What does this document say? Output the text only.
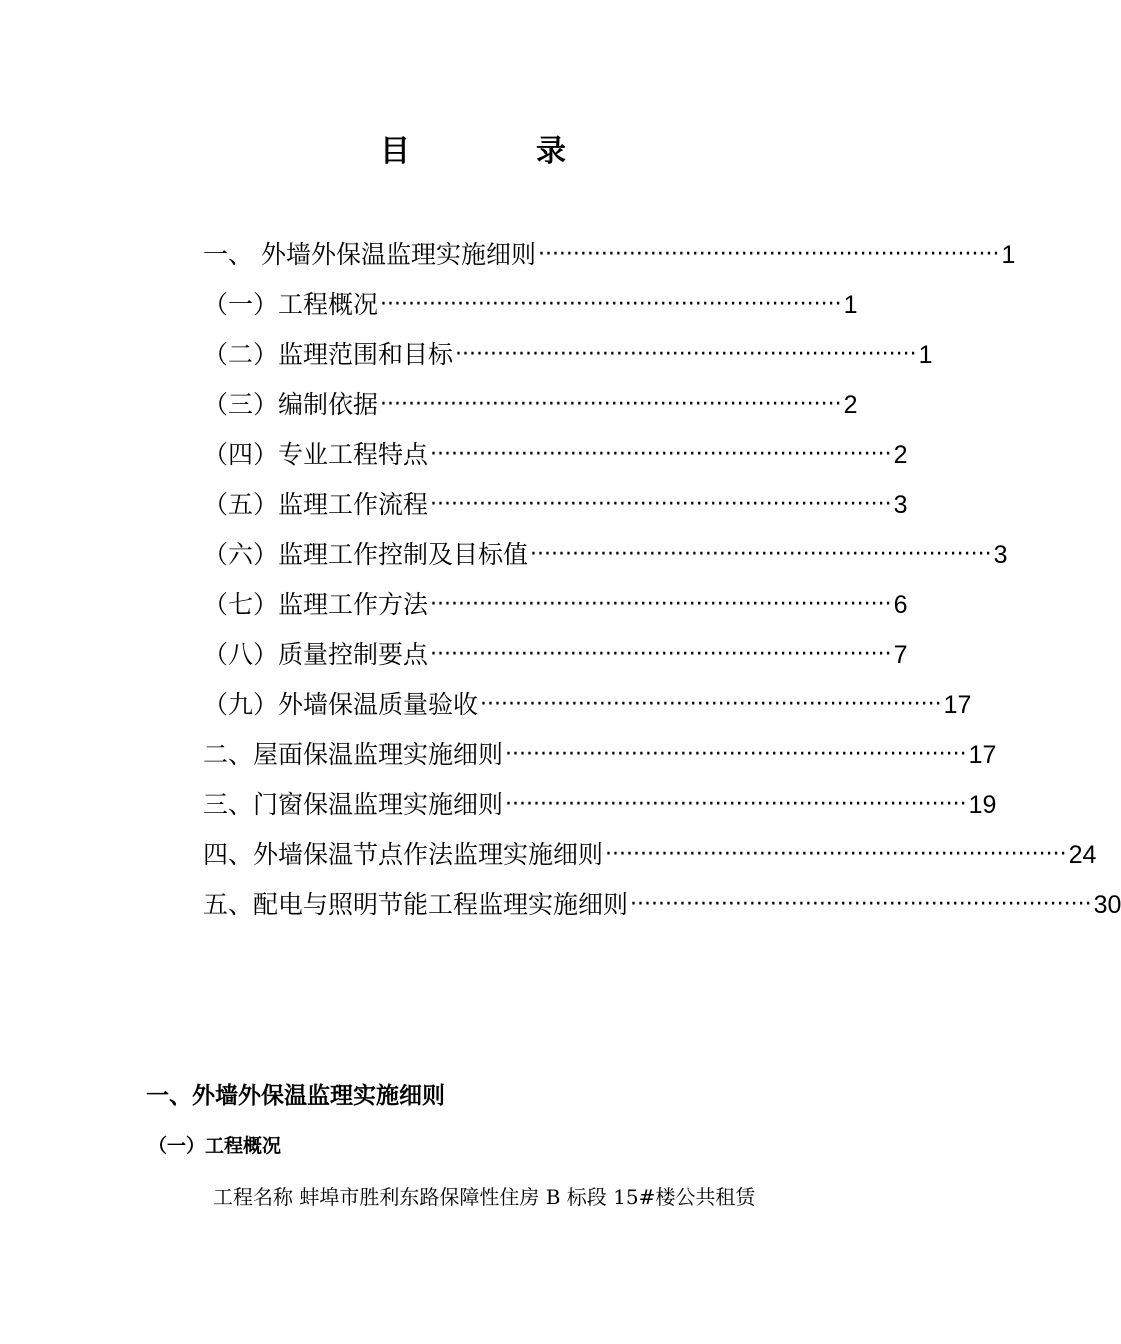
目　录
一、 外墙外保温监理实施细则 ·································································· 1
（一）工程概况 ·································································· 1
（二）监理范围和目标 ·································································· 1
（三）编制依据 ·································································· 2
（四）专业工程特点 ·································································· 2
（五）监理工作流程 ·································································· 3
（六）监理工作控制及目标值 ·································································· 3
（七）监理工作方法 ·································································· 6
（八）质量控制要点 ·································································· 7
（九）外墙保温质量验收 ·································································· 17
二、屋面保温监理实施细则 ·································································· 17
三、门窗保温监理实施细则 ·································································· 19
四、外墙保温节点作法监理实施细则 ·································································· 24
五、配电与照明节能工程监理实施细则 ·································································· 30
一、外墙外保温监理实施细则
（一）工程概况

工程名称 蚌埠市胜利东路保障性住房 B 标段 15#楼公共租赁
